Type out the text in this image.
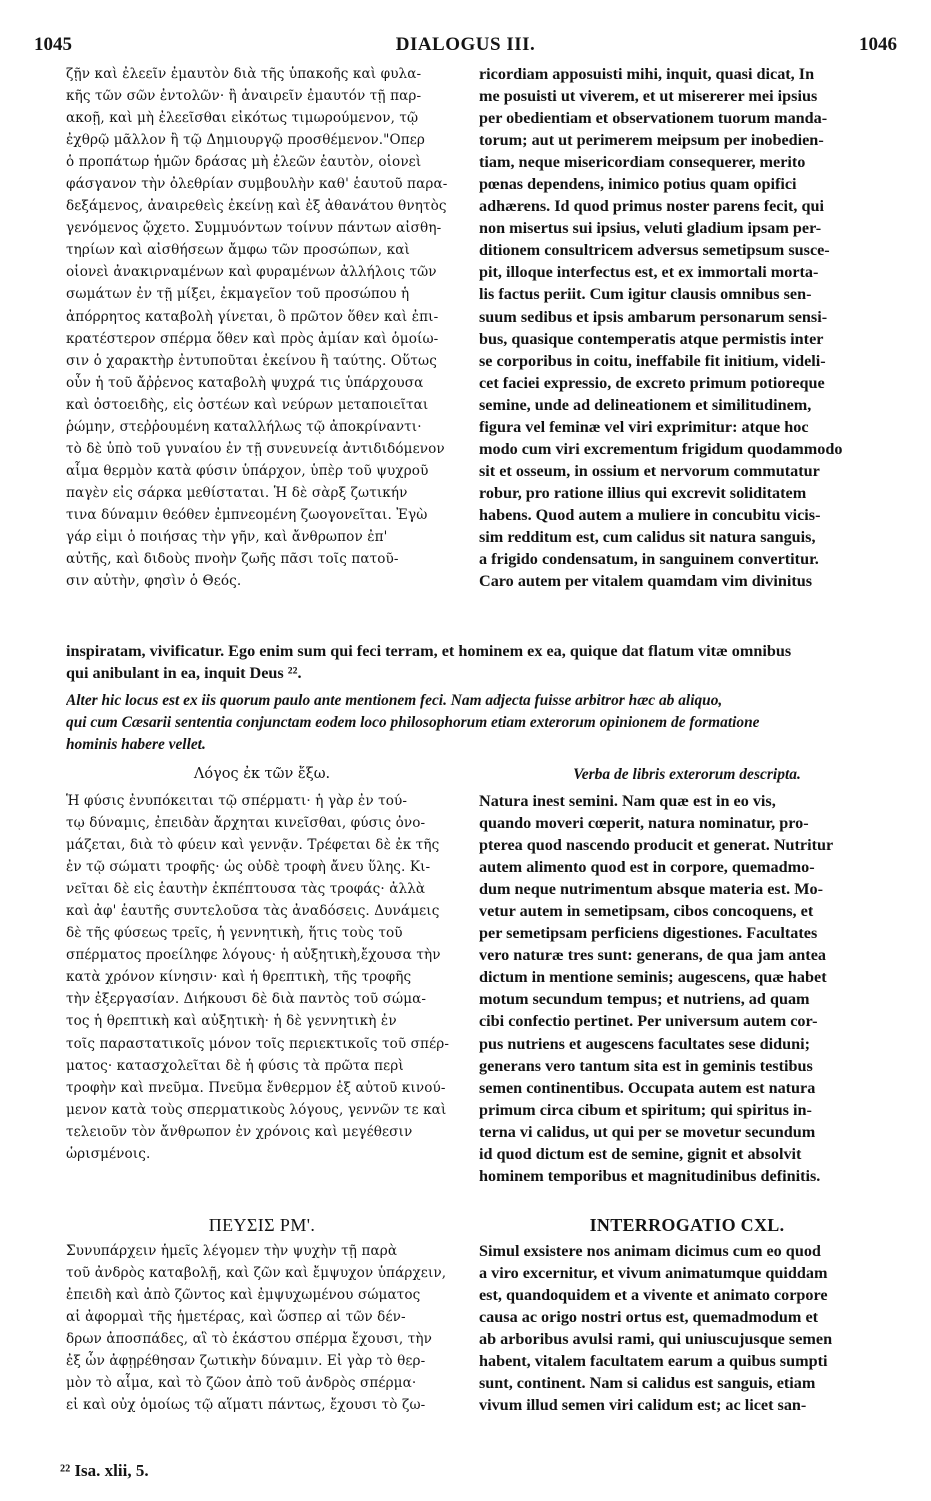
1045	DIALOGUS III.	1046
ζῇν καὶ ἐλεεῖν ἐμαυτὸν διὰ τῆς ὑπακοῆς καὶ φυλα-
κῆς τῶν σῶν ἐντολῶν· ἢ ἀναιρεῖν ἐμαυτόν τῇ παρ-
ακοῇ, καὶ μὴ ἐλεεῖσθαι εἰκότως τιμωρούμενον, τῷ
ἐχθρῷ μᾶλλον ἢ τῷ Δημιουργῷ προσθέμενον."Οπερ
ὁ προπάτωρ ἡμῶν δράσας μὴ ἐλεῶν ἑαυτὸν, οἱονεὶ
φάσγανον τὴν ὀλεθρίαν συμβουλὴν καθ' ἑαυτοῦ παρα-
δεξάμενος, ἀναιρεθεὶς ἐκείνῃ καὶ ἐξ ἀθανάτου θνητὸς
γενόμενος ᾤχετο. Συμμυόντων τοίνυν πάντων αἰσθη-
τηρίων καὶ αἰσθήσεων ἄμφω τῶν προσώπων, καὶ
οἱονεὶ ἀνακιρναμένων καὶ φυραμένων ἀλλήλοις τῶν
σωμάτων ἐν τῇ μίξει, ἐκμαγεῖον τοῦ προσώπου ἡ
ἀπόρρητος καταβολὴ γίνεται, ὃ πρῶτον ὅθεν καὶ ἐπι-
κρατέστερον σπέρμα ὅθεν καὶ πρὸς ἀμίαν καὶ ὁμοίω-
σιν ὁ χαρακτὴρ ἐντυποῦται ἐκείνου ἢ ταύτης. Οὕτως
οὖν ἡ τοῦ ἄῤῥενος καταβολὴ ψυχρά τις ὑπάρχουσα
καὶ ὀστοειδὴς, εἰς ὀστέων καὶ νεύρων μεταποιεῖται
ῥώμην, στεῤῥουμένη καταλλήλως τῷ ἀποκρίναντι·
τὸ δὲ ὑπὸ τοῦ γυναίου ἐν τῇ συνευνείᾳ ἀντιδιδόμενον
αἷμα θερμὸν κατὰ φύσιν ὑπάρχον, ὑπὲρ τοῦ ψυχροῦ
παγὲν εἰς σάρκα μεθίσταται. Ἡ δὲ σὰρξ ζωτικήν
τινα δύναμιν θεόθεν ἐμπνεομένη ζωογονεῖται. Ἐγὼ
γάρ εἰμι ὁ ποιήσας τὴν γῆν, καὶ ἄνθρωπον ἐπ'
αὐτῆς, καὶ διδοὺς πνοὴν ζωῆς πᾶσι τοῖς πατοῦ-
σιν αὐτὴν, φησὶν ὁ Θεός.
ricordiam apposuisti mihi, inquit, quasi dicat, In
me posuisti ut viverem, et ut misererer mei ipsius
per obedientiam et observationem tuorum manda-
torum; aut ut perimerem meipsum per inobedien-
tiam, neque misericordiam consequerer, merito
pœnas dependens, inimico potius quam opifici
adhærens. Id quod primus noster parens fecit, qui
non misertus sui ipsius, veluti gladium ipsam per-
ditionem consultricem adversus semetipsum susce-
pit, illoque interfectus est, et ex immortali morta-
lis factus periit. Cum igitur clausis omnibus sen-
suum sedibus et ipsis ambarum personarum sensi-
bus, quasique contemperatis atque permistis inter
se corporibus in coitu, ineffabile fit initium, videli-
cet faciei expressio, de excreto primum potioreque
semine, unde ad delineationem et similitudinem,
figura vel feminæ vel viri exprimitur: atque hoc
modo cum viri excrementum frigidum quodammodo
sit et osseum, in ossium et nervorum commutatur
robur, pro ratione illius qui excrevit soliditatem
habens. Quod autem a muliere in concubitu vicis-
sim redditum est, cum calidus sit natura sanguis,
a frigido condensatum, in sanguinem convertitur.
Caro autem per vitalem quamdam vim divinitus
inspiratam, vivificatur. Ego enim sum qui feci terram, et hominem ex ea, quique dat flatum vitæ omnibus
qui anibulant in ea, inquit Deus ²².
Alter hic locus est ex iis quorum paulo ante mentionem feci. Nam adjecta fuisse arbitror hæc ab aliquo,
qui cum Cæsarii sententia conjunctam eodem loco philosophorum etiam exterorum opinionem de formatione
hominis habere vellet.
Λόγος ἐκ τῶν ἔξω.	Verba de libris exterorum descripta.
Ἡ φύσις ἐνυπόκειται τῷ σπέρματι· ἡ γὰρ ἐν τού-
τῳ δύναμις, ἐπειδὰν ἄρχηται κινεῖσθαι, φύσις ὀνο-
μάζεται, διὰ τὸ φύειν καὶ γεννᾷν. Τρέφεται δὲ ἐκ τῆς
ἐν τῷ σώματι τροφῆς· ὡς οὐδὲ τροφὴ ἄνευ ὕλης. Κι-
νεῖται δὲ εἰς ἑαυτὴν ἐκπέπτουσα τὰς τροφάς· ἀλλὰ
καὶ ἀφ' ἑαυτῆς συντελοῦσα τὰς ἀναδόσεις. Δυνάμεις
δὲ τῆς φύσεως τρεῖς, ἡ γεννητικὴ, ἥτις τοὺς τοῦ
σπέρματος προείληφε λόγους· ἡ αὐξητικὴ,ἔχουσα τὴν
κατὰ χρόνον κίνησιν· καὶ ἡ θρεπτικὴ, τῆς τροφῆς
τὴν ἐξεργασίαν. Διήκουσι δὲ διὰ παντὸς τοῦ σώμα-
τος ἡ θρεπτικὴ καὶ αὐξητικὴ· ἡ δὲ γεννητικὴ ἐν
τοῖς παραστατικοῖς μόνον τοῖς περιεκτικοῖς τοῦ σπέρ-
ματος· κατασχολεῖται δὲ ἡ φύσις τὰ πρῶτα περὶ
τροφὴν καὶ πνεῦμα. Πνεῦμα ἔνθερμον ἐξ αὐτοῦ κινού-
μενον κατὰ τοὺς σπερματικοὺς λόγους, γεννῶν τε καὶ
τελειοῦν τὸν ἄνθρωπον ἐν χρόνοις καὶ μεγέθεσιν
ὡρισμένοις.
Natura inest semini. Nam quæ est in eo vis,
quando moveri cœperit, natura nominatur, pro-
pterea quod nascendo producit et generat. Nutritur
autem alimento quod est in corpore, quemadmo-
dum neque nutrimentum absque materia est. Mo-
vetur autem in semetipsam, cibos concoquens, et
per semetipsam perficiens digestiones. Facultates
vero naturæ tres sunt: generans, de qua jam antea
dictum in mentione seminis; augescens, quæ habet
motum secundum tempus; et nutriens, ad quam
cibi confectio pertinet. Per universum autem cor-
pus nutriens et augescens facultates sese diduni;
generans vero tantum sita est in geminis testibus
semen continentibus. Occupata autem est natura
primum circa cibum et spiritum; qui spiritus in-
terna vi calidus, ut qui per se movetur secundum
id quod dictum est de semine, gignit et absolvit
hominem temporibus et magnitudinibus definitis.
ΠΕΥΣΙΣ ΡΜ'.	INTERROGATIO CXL.
Συνυπάρχειν ἡμεῖς λέγομεν τὴν ψυχὴν τῇ παρὰ
τοῦ ἀνδρὸς καταβολῇ, καὶ ζῶν καὶ ἔμψυχον ὑπάρχειν,
ἐπειδὴ καὶ ἀπὸ ζῶντος καὶ ἐμψυχωμένου σώματος
αἱ ἀφορμαὶ τῆς ἡμετέρας, καὶ ὥσπερ αἱ τῶν δέν-
δρων ἀποσπάδες, αἳ τὸ ἑκάστου σπέρμα ἔχουσι, τὴν
ἐξ ὧν ἀφῃρέθησαν ζωτικὴν δύναμιν. Εἰ γὰρ τὸ θερ-
μὸν τὸ αἷμα, καὶ τὸ ζῶον ἀπὸ τοῦ ἀνδρὸς σπέρμα·
εἰ καὶ οὐχ ὁμοίως τῷ αἵματι πάντως, ἔχουσι τὸ ζω-
Simul exsistere nos animam dicimus cum eo quod
a viro excernitur, et vivum animatumque quiddam
est, quandoquidem et a vivente et animato corpore
causa ac origo nostri ortus est, quemadmodum et
ab arboribus avulsi rami, qui uniuscujusque semen
habent, vitalem facultatem earum a quibus sumpti
sunt, continent. Nam si calidus est sanguis, etiam
vivum illud semen viri calidum est; ac licet san-
²² Isa. xlii, 5.
